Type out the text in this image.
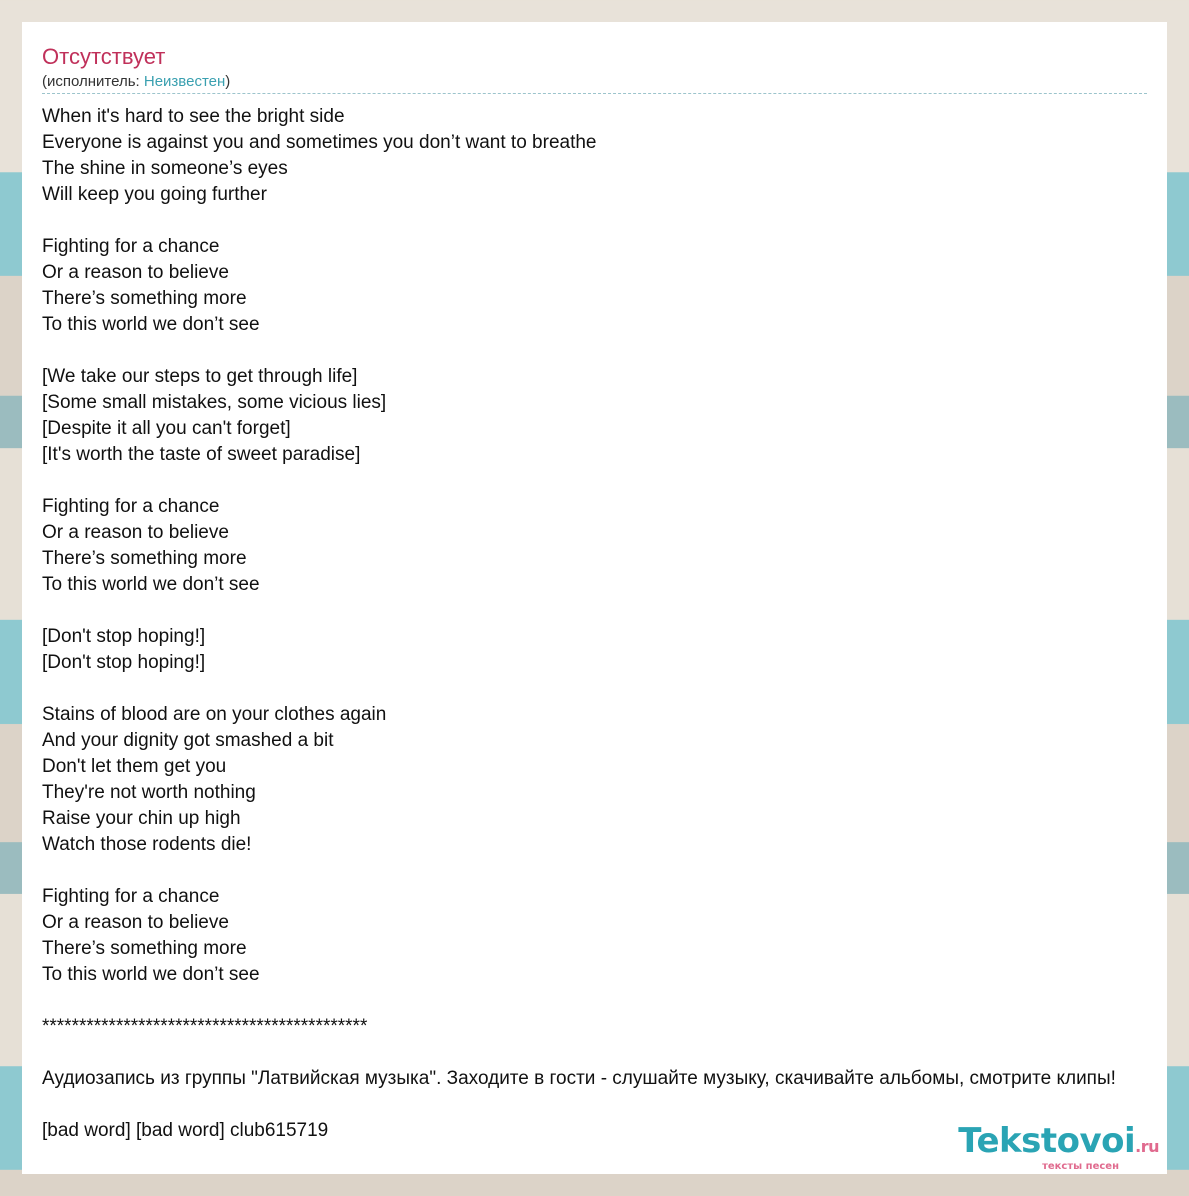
Отсутствует
(исполнитель: Неизвестен)
When it's hard to see the bright side
Everyone is against you and sometimes you don’t want to breathe
The shine in someone’s eyes
Will keep you going further
Fighting for a chance
Or a reason to believe
There’s something more
To this world we don’t see
[We take our steps to get through life]
[Some small mistakes, some vicious lies]
[Despite it all you can't forget]
[It's worth the taste of sweet paradise]
Fighting for a chance
Or a reason to believe
There’s something more
To this world we don’t see
[Don't stop hoping!]
[Don't stop hoping!]
Stains of blood are on your clothes again
And your dignity got smashed a bit
Don't let them get you
They're not worth nothing
Raise your chin up high
Watch those rodents die!
Fighting for a chance
Or a reason to believe
There’s something more
To this world we don’t see
********************************************
Аудиозапись из группы "Латвийская музыка". Заходите в гости - слушайте музыку, скачивайте альбомы, смотрите клипы!
[bad word] [bad word] club615719	Tekstovoi.ru
тексты песен
